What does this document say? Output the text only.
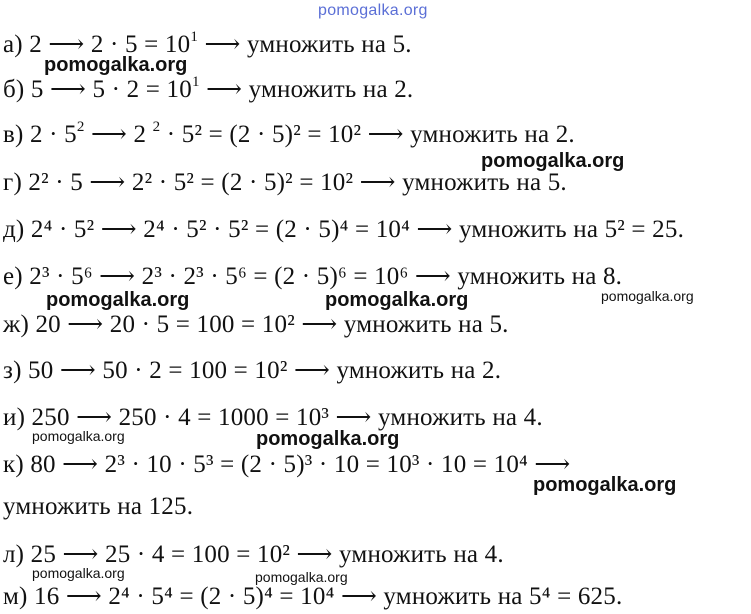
pomogalka.org
а) 2 ⟶ $2 \cdot 5 = 10^1$ ⟶ умножить на 5.
б) 5 ⟶ $5 \cdot 2 = 10^1$ ⟶ умножить на 2.
в) $2 \cdot 5^2$ ⟶ 2 $^2$ · 5² = (2 · 5)² = 10² ⟶ умножить на 2.
г) 2² · 5 ⟶ 2² · 5² = (2 · 5)² = 10² ⟶ умножить на 5.
д) 2⁴ · 5² ⟶ 2⁴ · 5² · 5² = (2 · 5)⁴ = 10⁴ ⟶ умножить на 5² = 25.
е) 2³ · 5⁶ ⟶ 2³ · 2³ · 5⁶ = (2 · 5)⁶ = 10⁶ ⟶ умножить на 8.
ж) 20 ⟶ 20 · 5 = 100 = 10² ⟶ умножить на 5.
з) 50 ⟶ 50 · 2 = 100 = 10² ⟶ умножить на 2.
и) 250 ⟶ 250 · 4 = 1000 = 10³ ⟶ умножить на 4.
к) 80 ⟶ 2³ · 10 · 5³ = (2 · 5)³ · 10 = 10³ · 10 = 10⁴ ⟶
умножить на 125.
л) 25 ⟶ 25 · 4 = 100 = 10² ⟶ умножить на 4.
м) 16 ⟶ 2⁴ · 5⁴ = (2 · 5)⁴ = 10⁴ ⟶ умножить на 5⁴ = 625.
pomogalka.org
pomogalka.org
pomogalka.org	pomogalka.org	pomogalka.org
pomogalka.org	pomogalka.org
pomogalka.org
pomogalka.org	pomogalka.org
